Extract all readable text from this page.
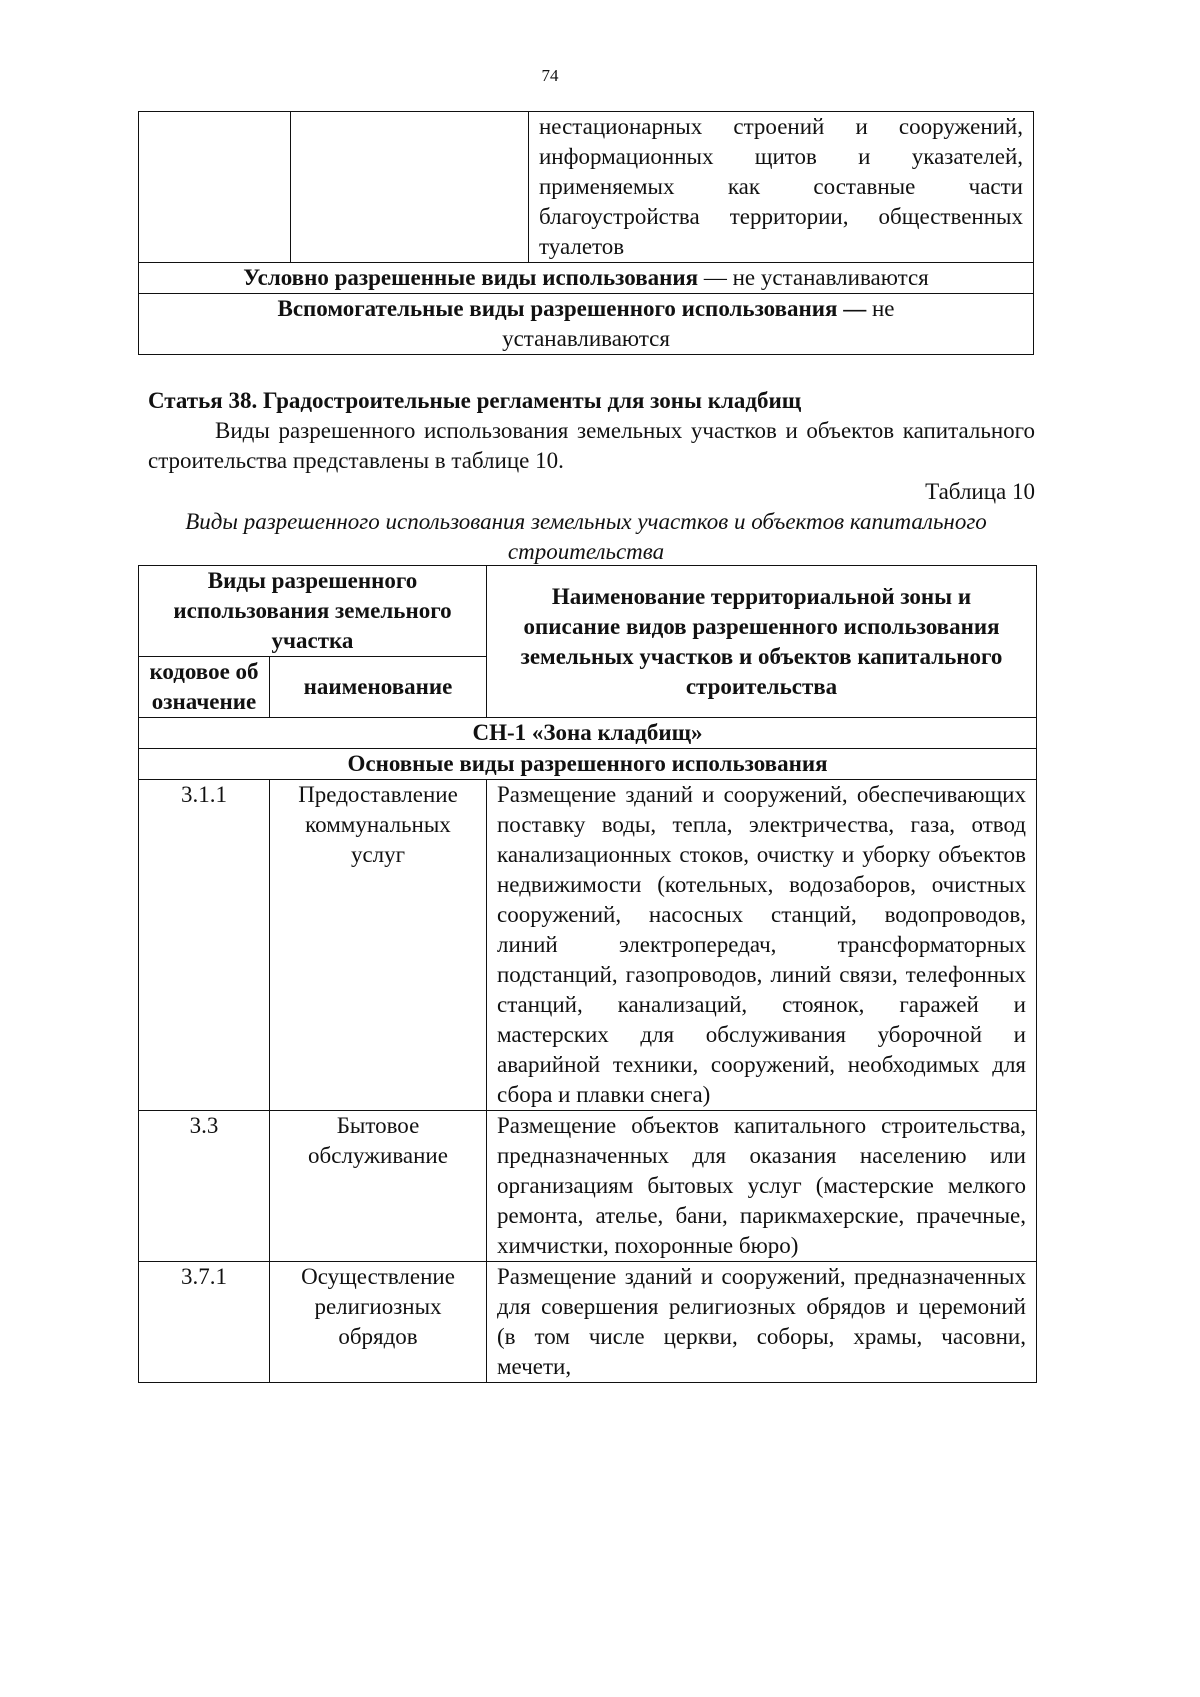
74
		нестационарных строений и сооружений, информационных щитов и указателей, применяемых как составные части благоустройства территории, общественных туалетов
Условно разрешенные виды использования — не устанавливаются
Вспомогательные виды разрешенного использования — не устанавливаются
Статья 38. Градостроительные регламенты для зоны кладбищ
Виды разрешенного использования земельных участков и объектов капитального строительства представлены в таблице 10.
Таблица 10
Виды разрешенного использования земельных участков и объектов капитального строительства
Виды разрешенного использования земельного участка		Наименование территориальной зоны и описание видов разрешенного использования земельных участков и объектов капитального строительства
кодовое обозначение	наименование	
СН-1 «Зона кладбищ»		
Основные виды разрешенного использования		
3.1.1	Предоставление коммунальных услуг	Размещение зданий и сооружений, обеспечивающих поставку воды, тепла, электричества, газа, отвод канализационных стоков, очистку и уборку объектов недвижимости (котельных, водозаборов, очистных сооружений, насосных станций, водопроводов, линий электропередач, трансформаторных подстанций, газопроводов, линий связи, телефонных станций, канализаций, стоянок, гаражей и мастерских для обслуживания уборочной и аварийной техники, сооружений, необходимых для сбора и плавки снега)
3.3	Бытовое обслуживание	Размещение объектов капитального строительства, предназначенных для оказания населению или организациям бытовых услуг (мастерские мелкого ремонта, ателье, бани, парикмахерские, прачечные, химчистки, похоронные бюро)
3.7.1	Осуществление религиозных обрядов	Размещение зданий и сооружений, предназначенных для совершения религиозных обрядов и церемоний (в том числе церкви, соборы, храмы, часовни, мечети,
